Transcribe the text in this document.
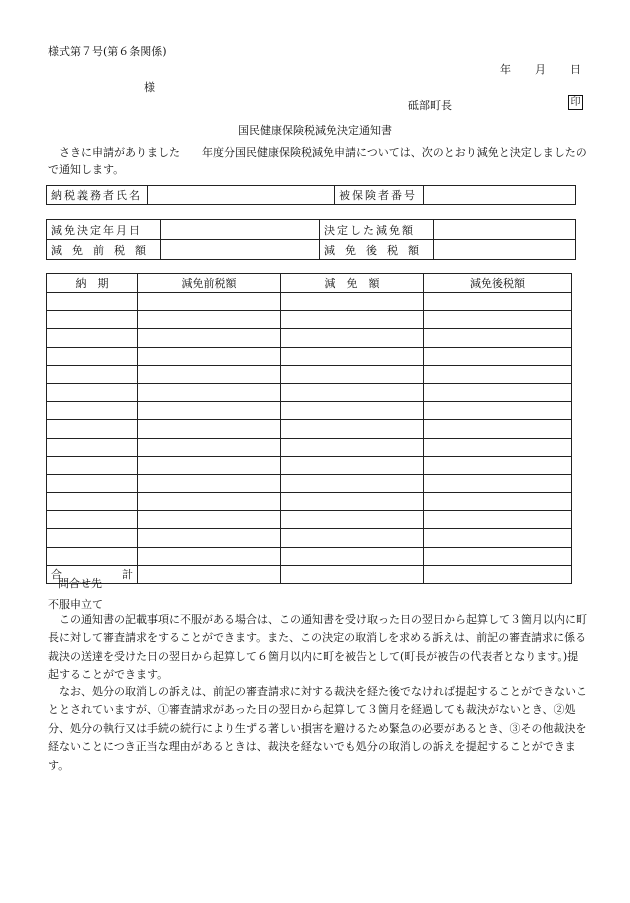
様式第７号(第６条関係)
年 月 日
様
砥部町長	印
国民健康保険税減免決定通知書
さきに申請がありました　　年度分国民健康保険税減免申請については、次のとおり減免と決定しましたので通知します。
納税義務者氏名		被保険者番号	
減免決定年月日		決定した減免額	
減免前税額		減免後税額	
納　期	減免前税額	減　免　額	減免後税額

合 計			

問合せ先
不服申立て
この通知書の記載事項に不服がある場合は、この通知書を受け取った日の翌日から起算して３箇月以内に町長に対して審査請求をすることができます。また、この決定の取消しを求める訴えは、前記の審査請求に係る裁決の送達を受けた日の翌日から起算して６箇月以内に町を被告として(町長が被告の代表者となります。)提起することができます。
なお、処分の取消しの訴えは、前記の審査請求に対する裁決を経た後でなければ提起することができないこととされていますが、①審査請求があった日の翌日から起算して３箇月を経過しても裁決がないとき、②処分、処分の執行又は手続の続行により生ずる著しい損害を避けるため緊急の必要があるとき、③その他裁決を経ないことにつき正当な理由があるときは、裁決を経ないでも処分の取消しの訴えを提起することができます。
